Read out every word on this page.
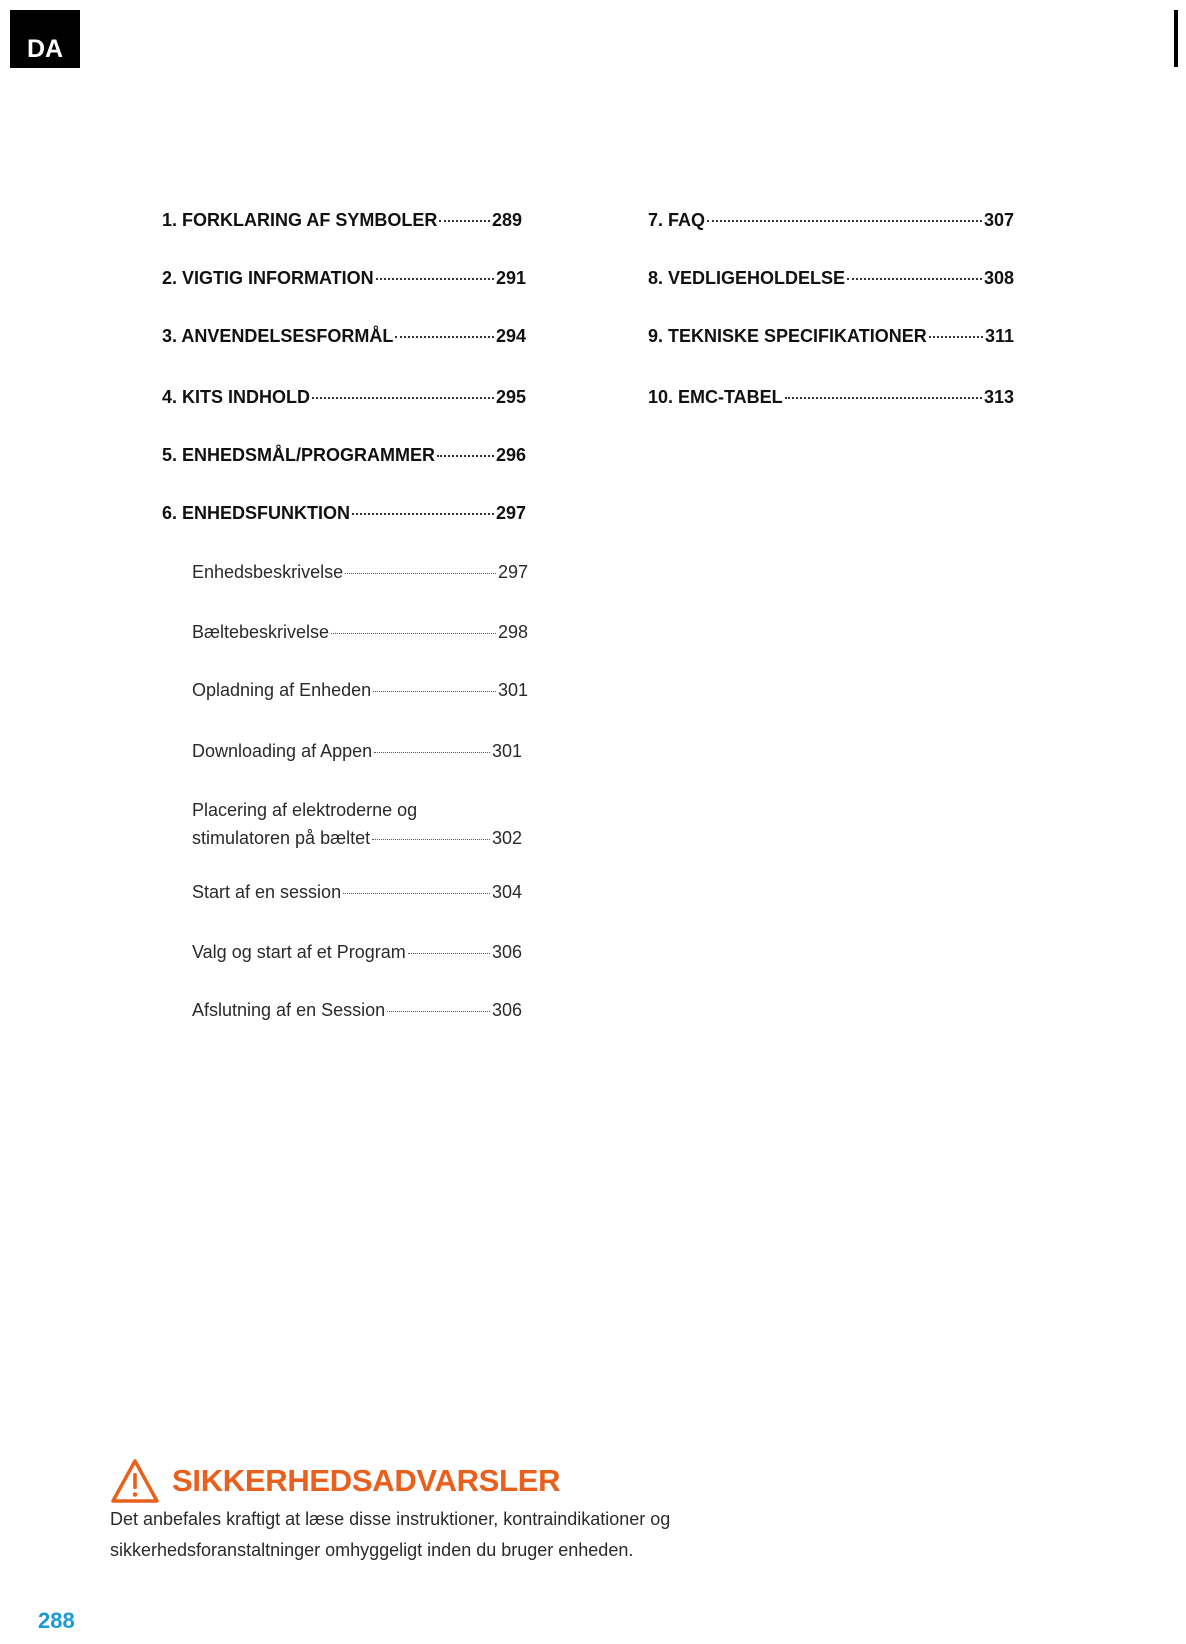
DA
1. FORKLARING AF SYMBOLER	289
2. VIGTIG INFORMATION	291
3. ANVENDELSESFORMÅL	294
4. KITS INDHOLD	295
5. ENHEDSMÅL/PROGRAMMER	296
6. ENHEDSFUNKTION	297
Enhedsbeskrivelse	297
Bæltebeskrivelse	298
Opladning af Enheden	301
Downloading af Appen	301
Placering af elektroderne og
stimulatoren på bæltet	302
Start af en session	304
Valg og start af et Program	306
Afslutning af en Session	306
7. FAQ	307
8. VEDLIGEHOLDELSE	308
9. TEKNISKE SPECIFIKATIONER	311
10. EMC-TABEL	313
SIKKERHEDSADVARSLER
Det anbefales kraftigt at læse disse instruktioner, kontraindikationer og sikkerhedsforanstaltninger omhyggeligt inden du bruger enheden.
288
